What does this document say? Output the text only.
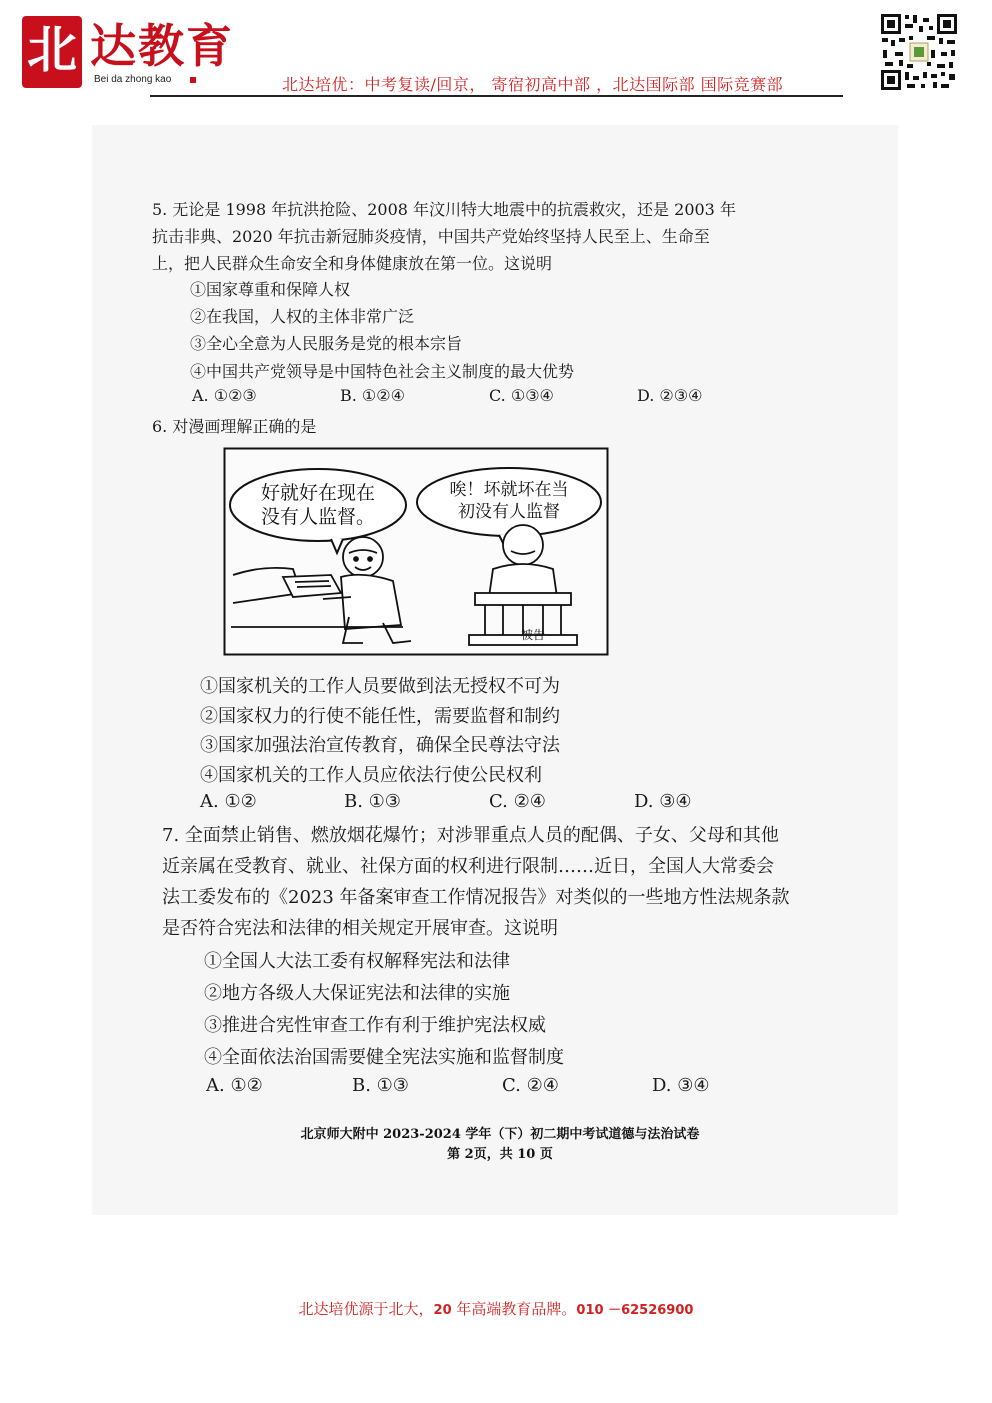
北 达教育
Bei da zhong kao	北达培优：中考复读/回京， 寄宿初高中部 ，北达国际部 国际竞赛部
5. 无论是 1998 年抗洪抢险、2008 年汶川特大地震中的抗震救灾，还是 2003 年
抗击非典、2020 年抗击新冠肺炎疫情，中国共产党始终坚持人民至上、生命至
上，把人民群众生命安全和身体健康放在第一位。这说明
①国家尊重和保障人权
②在我国，人权的主体非常广泛
③全心全意为人民服务是党的根本宗旨
④中国共产党领导是中国特色社会主义制度的最大优势
A. ①②③	B. ①②④	C. ①③④	D. ②③④
6. 对漫画理解正确的是
好就好在现在
没有人监督。
唉！坏就坏在当
初没有人监督
被告
①国家机关的工作人员要做到法无授权不可为
②国家权力的行使不能任性，需要监督和制约
③国家加强法治宣传教育，确保全民尊法守法
④国家机关的工作人员应依法行使公民权利
A. ①②	B. ①③	C. ②④	D. ③④
7. 全面禁止销售、燃放烟花爆竹；对涉罪重点人员的配偶、子女、父母和其他
近亲属在受教育、就业、社保方面的权利进行限制……近日，全国人大常委会
法工委发布的《2023 年备案审查工作情况报告》对类似的一些地方性法规条款
是否符合宪法和法律的相关规定开展审查。这说明
①全国人大法工委有权解释宪法和法律
②地方各级人大保证宪法和法律的实施
③推进合宪性审查工作有利于维护宪法权威
④全面依法治国需要健全宪法实施和监督制度
A. ①②	B. ①③	C. ②④	D. ③④
北京师大附中 2023-2024 学年（下）初二期中考试道德与法治试卷
第 2页，共 10 页
北达培优源于北大，20 年高端教育品牌。010 －62526900
